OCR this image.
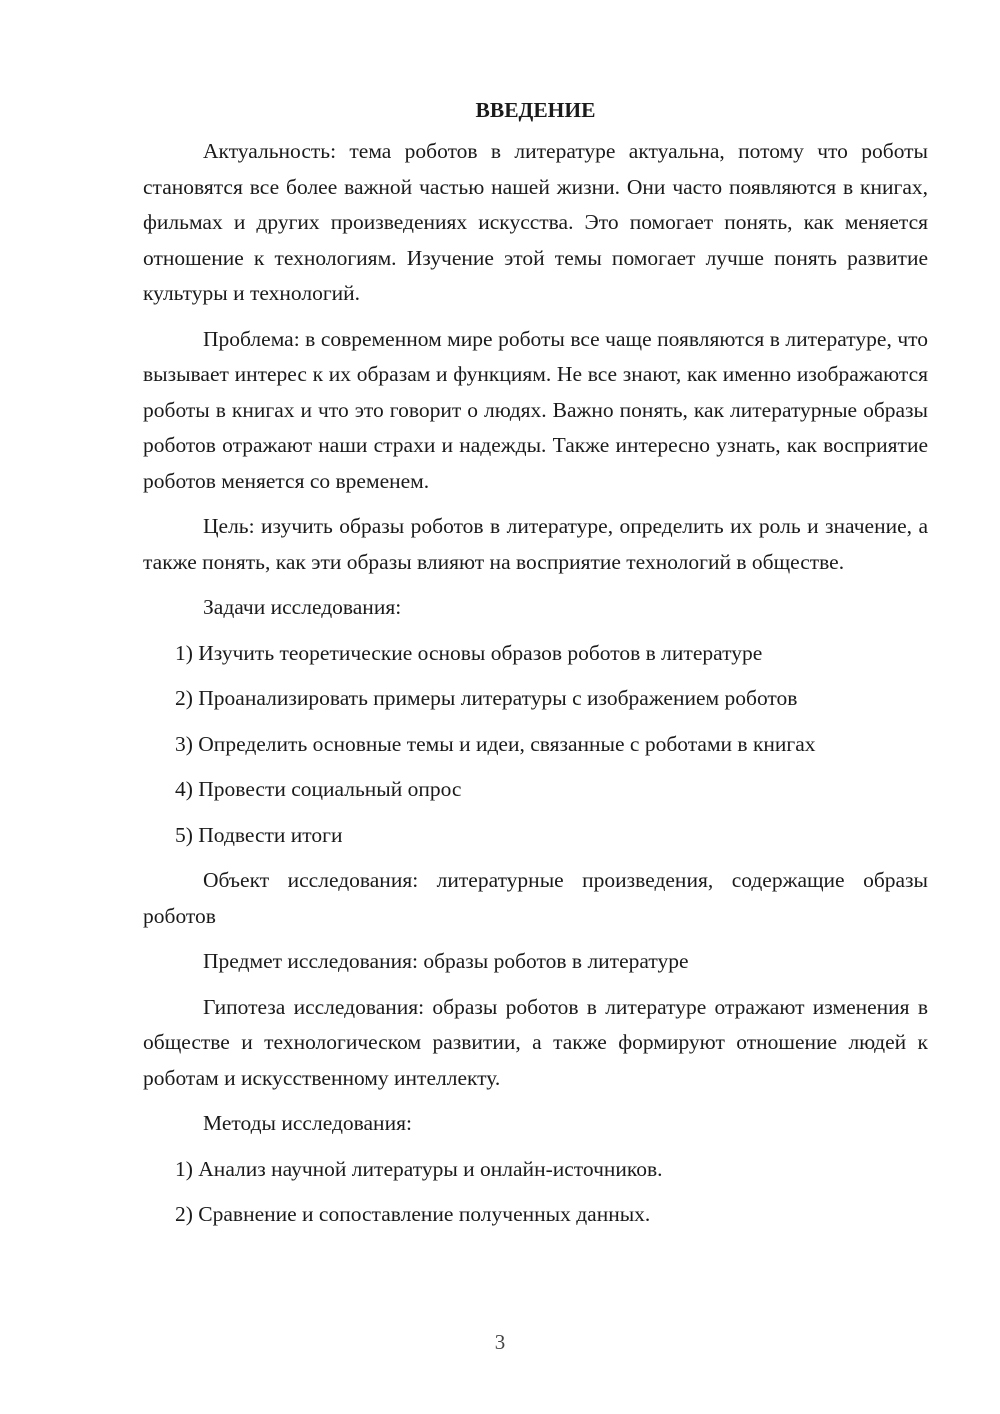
ВВЕДЕНИЕ

Актуальность: тема роботов в литературе актуальна, потому что роботы становятся все более важной частью нашей жизни. Они часто появляются в книгах, фильмах и других произведениях искусства. Это помогает понять, как меняется отношение к технологиям. Изучение этой темы помогает лучше понять развитие культуры и технологий.

Проблема: в современном мире роботы все чаще появляются в литературе, что вызывает интерес к их образам и функциям. Не все знают, как именно изображаются роботы в книгах и что это говорит о людях. Важно понять, как литературные образы роботов отражают наши страхи и надежды. Также интересно узнать, как восприятие роботов меняется со временем.

Цель: изучить образы роботов в литературе, определить их роль и значение, а также понять, как эти образы влияют на восприятие технологий в обществе.

Задачи исследования:

1) Изучить теоретические основы образов роботов в литературе

2) Проанализировать примеры литературы с изображением роботов

3) Определить основные темы и идеи, связанные с роботами в книгах

4) Провести социальный опрос

5) Подвести итоги

Объект исследования: литературные произведения, содержащие образы роботов

Предмет исследования: образы роботов в литературе

Гипотеза исследования: образы роботов в литературе отражают изменения в обществе и технологическом развитии, а также формируют отношение людей к роботам и искусственному интеллекту.

Методы исследования:

1) Анализ научной литературы и онлайн-источников.

2) Сравнение и сопоставление полученных данных.

3
